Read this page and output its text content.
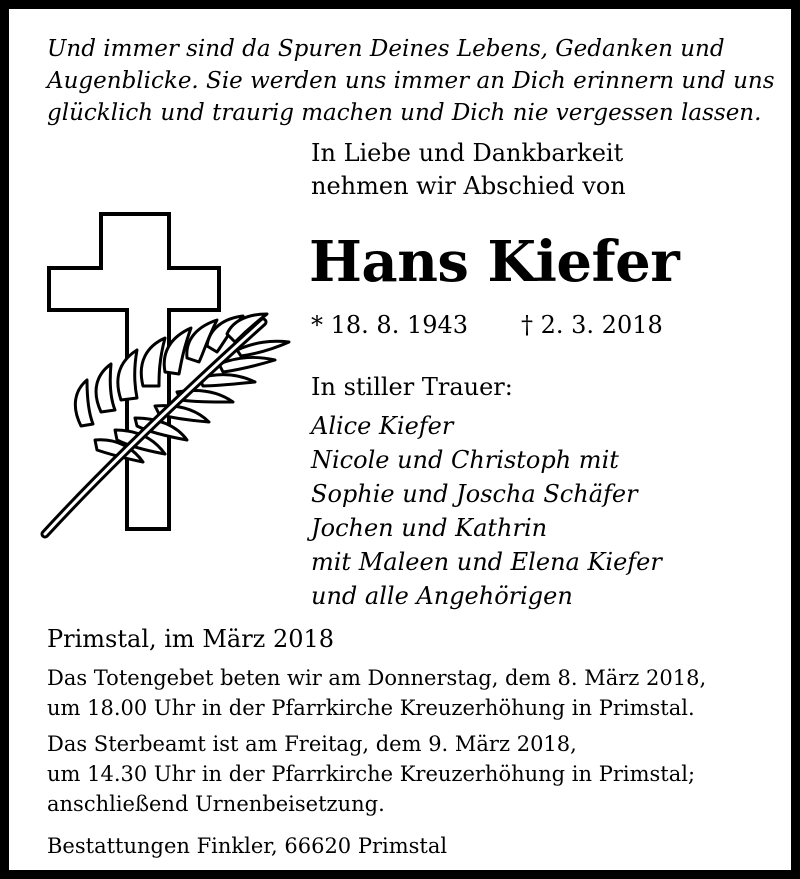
Und immer sind da Spuren Deines Lebens, Gedanken und
Augenblicke. Sie werden uns immer an Dich erinnern und uns
glücklich und traurig machen und Dich nie vergessen lassen.

In Liebe und Dankbarkeit
nehmen wir Abschied von

Hans Kiefer

* 18. 8. 1943 † 2. 3. 2018

In stiller Trauer:

Alice Kiefer
Nicole und Christoph mit
Sophie und Joscha Schäfer
Jochen und Kathrin
mit Maleen und Elena Kiefer
und alle Angehörigen

Primstal, im März 2018

Das Totengebet beten wir am Donnerstag, dem 8. März 2018,
um 18.00 Uhr in der Pfarrkirche Kreuzerhöhung in Primstal.

Das Sterbeamt ist am Freitag, dem 9. März 2018,
um 14.30 Uhr in der Pfarrkirche Kreuzerhöhung in Primstal;
anschließend Urnenbeisetzung.

Bestattungen Finkler, 66620 Primstal
